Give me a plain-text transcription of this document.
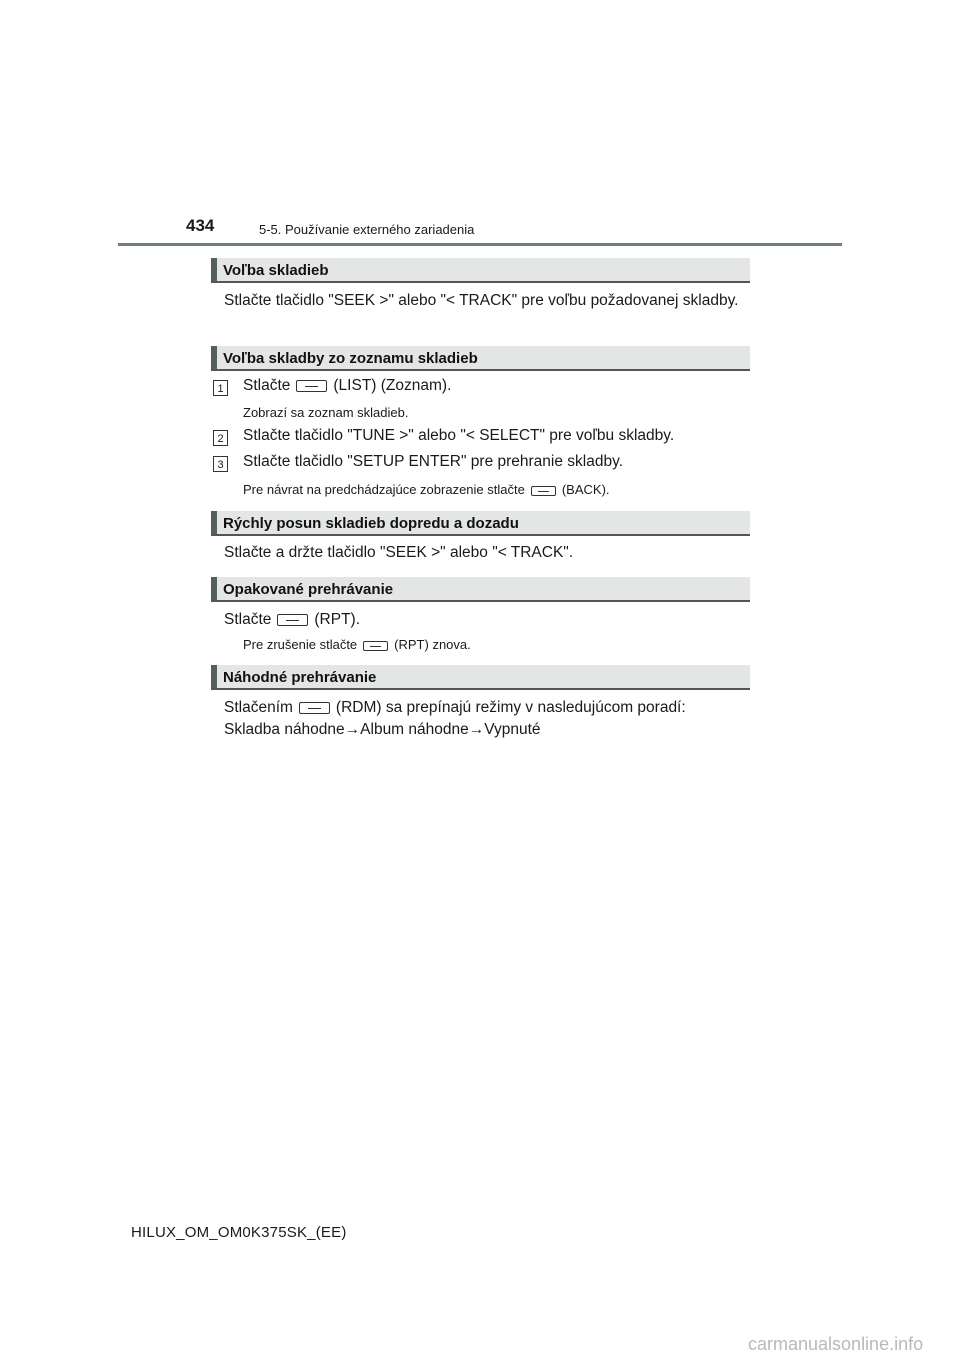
434	5-5. Používanie externého zariadenia
Voľba skladieb
Stlačte tlačidlo "SEEK >" alebo "< TRACK" pre voľbu požadovanej skladby.
Voľba skladby zo zoznamu skladieb
1 Stlačte	(LIST) (Zoznam).
Zobrazí sa zoznam skladieb.
2 Stlačte tlačidlo "TUNE >" alebo "< SELECT" pre voľbu skladby.
3 Stlačte tlačidlo "SETUP ENTER" pre prehranie skladby.
Pre návrat na predchádzajúce zobrazenie stlačte	(BACK).
Rýchly posun skladieb dopredu a dozadu
Stlačte a držte tlačidlo "SEEK >" alebo "< TRACK".
Opakované prehrávanie
Stlačte	(RPT).
Pre zrušenie stlačte	(RPT) znova.
Náhodné prehrávanie
Stlačením	(RDM) sa prepínajú režimy v nasledujúcom poradí:
Skladba náhodne→Album náhodne→Vypnuté
HILUX_OM_OM0K375SK_(EE)
carmanualsonline.info
